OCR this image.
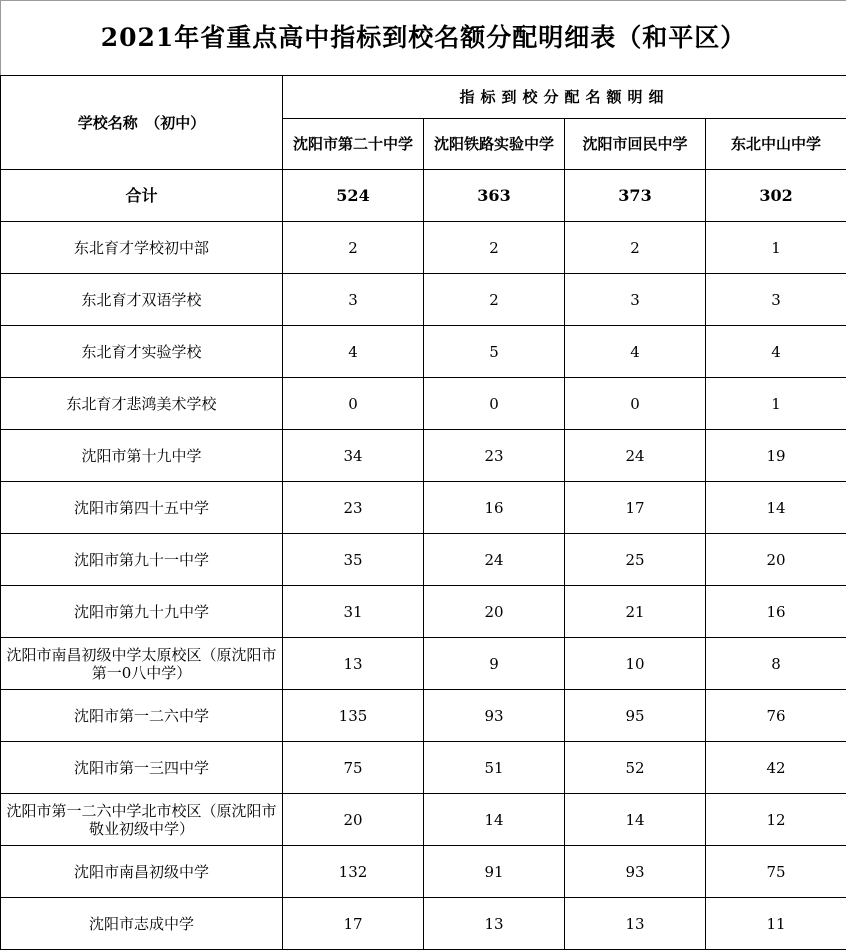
2021年省重点高中指标到校名额分配明细表（和平区）				
学校名称　（初中）	指标到校分配名额明细			
	沈阳市第二十中学	沈阳铁路实验中学	沈阳市回民中学	东北中山中学
合计	524	363	373	302
东北育才学校初中部	2	2	2	1
东北育才双语学校	3	2	3	3
东北育才实验学校	4	5	4	4
东北育才悲鸿美术学校	0	0	0	1
沈阳市第十九中学	34	23	24	19
沈阳市第四十五中学	23	16	17	14
沈阳市第九十一中学	35	24	25	20
沈阳市第九十九中学	31	20	21	16
沈阳市南昌初级中学太原校区（原沈阳市第一0八中学）	13	9	10	8
沈阳市第一二六中学	135	93	95	76
沈阳市第一三四中学	75	51	52	42
沈阳市第一二六中学北市校区（原沈阳市敬业初级中学）	20	14	14	12
沈阳市南昌初级中学	132	91	93	75
沈阳市志成中学	17	13	13	11
